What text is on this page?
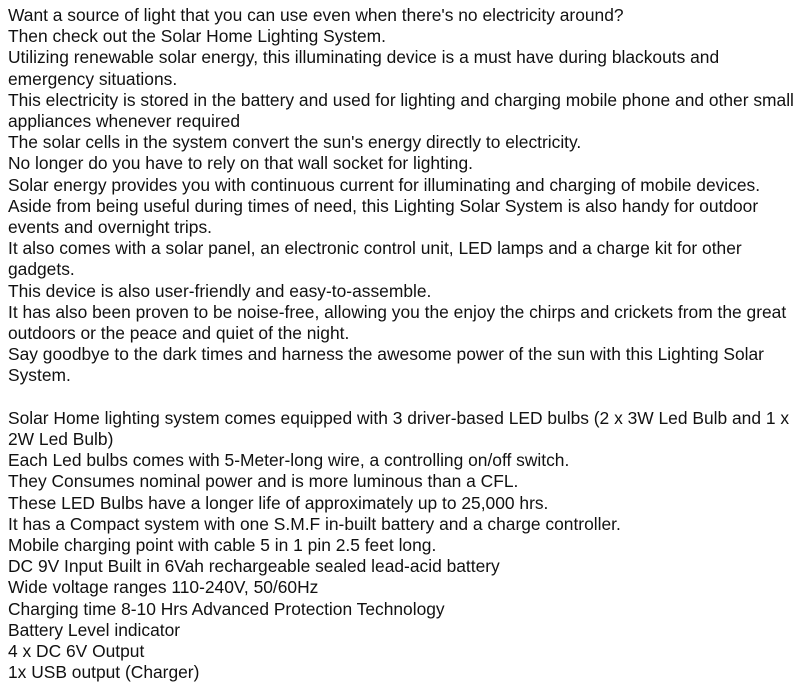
Want a source of light that you can use even when there's no electricity around?
Then check out the Solar Home Lighting System.
Utilizing renewable solar energy, this illuminating device is a must have during blackouts and emergency situations.
This electricity is stored in the battery and used for lighting and charging mobile phone and other small appliances whenever required
The solar cells in the system convert the sun's energy directly to electricity.
No longer do you have to rely on that wall socket for lighting.
Solar energy provides you with continuous current for illuminating and charging of mobile devices.
Aside from being useful during times of need, this Lighting Solar System is also handy for outdoor events and overnight trips.
It also comes with a solar panel, an electronic control unit, LED lamps and a charge kit for other gadgets.
This device is also user-friendly and easy-to-assemble.
It has also been proven to be noise-free, allowing you the enjoy the chirps and crickets from the great outdoors or the peace and quiet of the night.
Say goodbye to the dark times and harness the awesome power of the sun with this Lighting Solar System.
Solar Home lighting system comes equipped with 3 driver-based LED bulbs (2 x 3W Led Bulb and 1 x 2W Led Bulb)
Each Led bulbs comes with 5-Meter-long wire, a controlling on/off switch.
They Consumes nominal power and is more luminous than a CFL.
These LED Bulbs have a longer life of approximately up to 25,000 hrs.
It has a Compact system with one S.M.F in-built battery and a charge controller.
Mobile charging point with cable 5 in 1 pin 2.5 feet long.
DC 9V Input Built in 6Vah rechargeable sealed lead-acid battery
Wide voltage ranges 110-240V, 50/60Hz
Charging time 8-10 Hrs Advanced Protection Technology
Battery Level indicator
4 x DC 6V Output
1x USB output (Charger)
